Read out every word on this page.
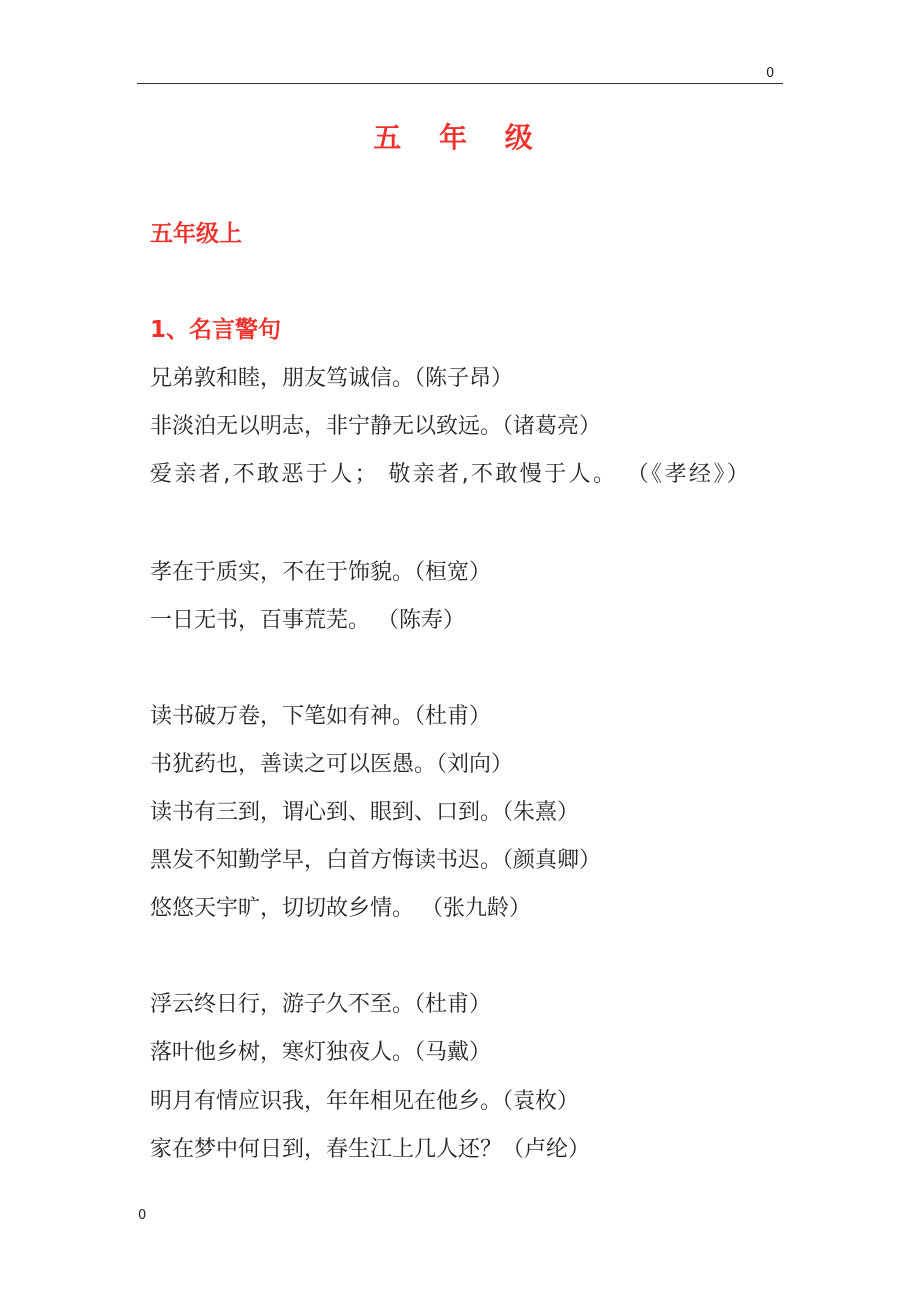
0
五 年 级
五年级上
1、名言警句
兄弟敦和睦，朋友笃诚信。（陈子昂）
非淡泊无以明志，非宁静无以致远。（诸葛亮）
爱亲者,不敢恶于人； 敬亲者,不敢慢于人。 （《孝经》）
孝在于质实，不在于饰貌。（桓宽）
一日无书，百事荒芜。 （陈寿）
读书破万卷，下笔如有神。（杜甫）
书犹药也，善读之可以医愚。（刘向）
读书有三到，谓心到、眼到、口到。（朱熹）
黑发不知勤学早，白首方悔读书迟。（颜真卿）
悠悠天宇旷，切切故乡情。 （张九龄）
浮云终日行，游子久不至。（杜甫）
落叶他乡树，寒灯独夜人。（马戴）
明月有情应识我，年年相见在他乡。（袁枚）
家在梦中何日到，春生江上几人还？（卢纶）
0
